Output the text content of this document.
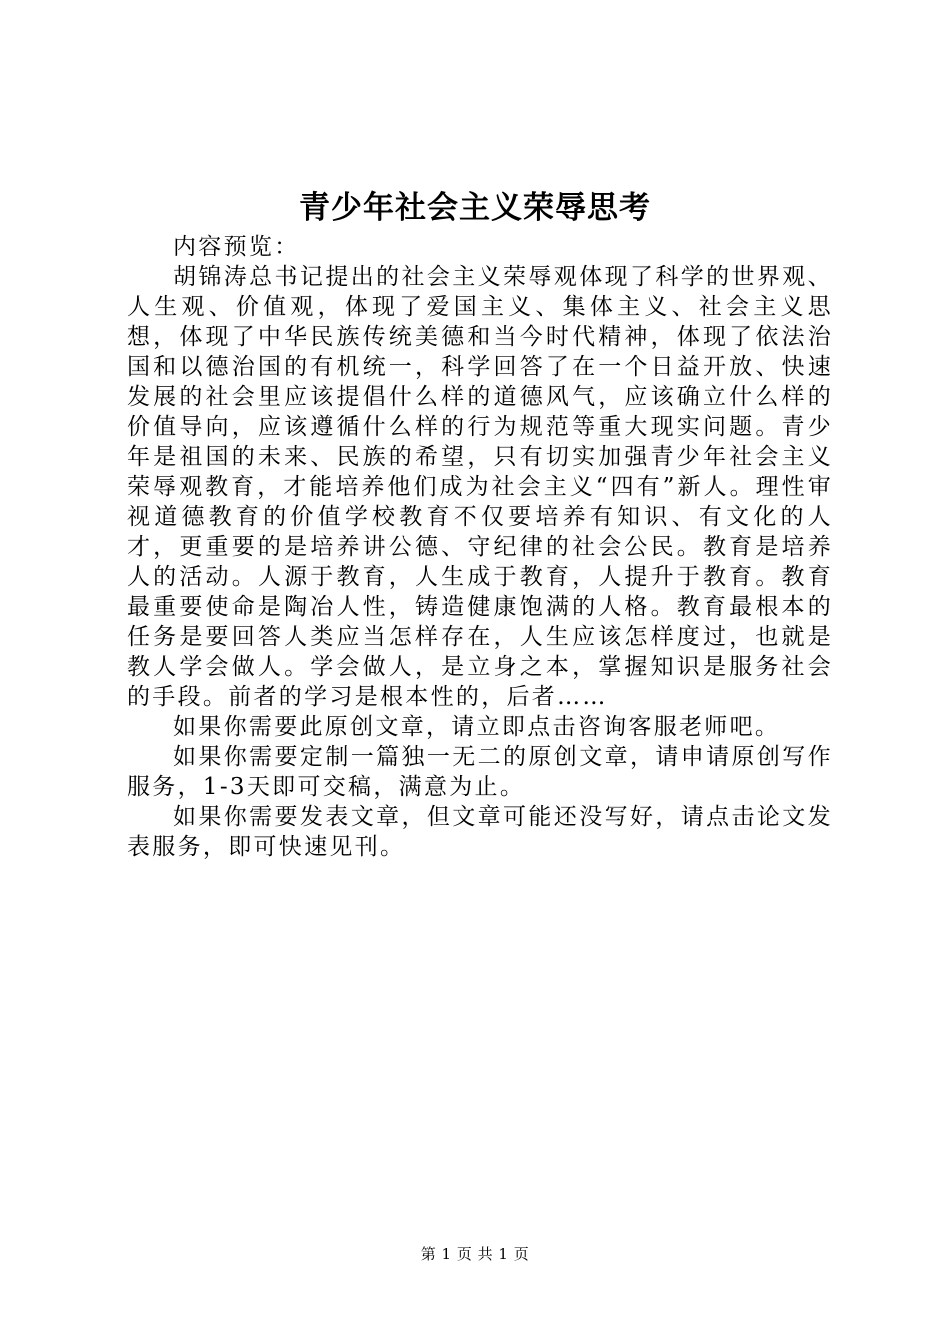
青少年社会主义荣辱思考

内容预览：

胡锦涛总书记提出的社会主义荣辱观体现了科学的世界观、人生观、价值观，体现了爱国主义、集体主义、社会主义思想，体现了中华民族传统美德和当今时代精神，体现了依法治国和以德治国的有机统一，科学回答了在一个日益开放、快速发展的社会里应该提倡什么样的道德风气，应该确立什么样的价值导向，应该遵循什么样的行为规范等重大现实问题。青少年是祖国的未来、民族的希望，只有切实加强青少年社会主义荣辱观教育，才能培养他们成为社会主义“四有”新人。理性审视道德教育的价值学校教育不仅要培养有知识、有文化的人才，更重要的是培养讲公德、守纪律的社会公民。教育是培养人的活动。人源于教育，人生成于教育，人提升于教育。教育最重要使命是陶冶人性，铸造健康饱满的人格。教育最根本的任务是要回答人类应当怎样存在，人生应该怎样度过，也就是教人学会做人。学会做人，是立身之本，掌握知识是服务社会的手段。前者的学习是根本性的，后者……

如果你需要此原创文章，请立即点击咨询客服老师吧。

如果你需要定制一篇独一无二的原创文章，请申请原创写作服务，1-3天即可交稿，满意为止。

如果你需要发表文章，但文章可能还没写好，请点击论文发表服务，即可快速见刊。

第 1 页 共 1 页
